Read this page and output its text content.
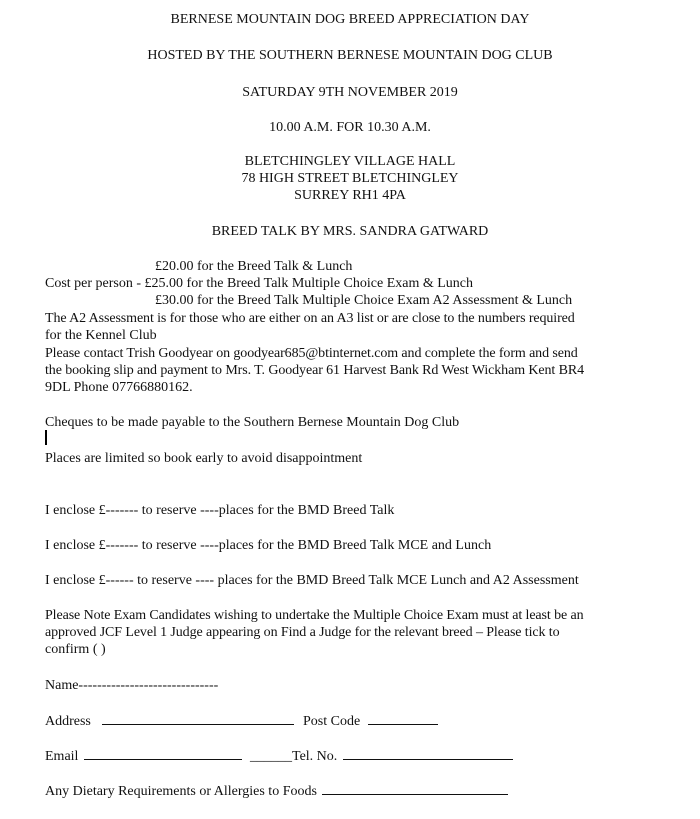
BERNESE MOUNTAIN DOG BREED APPRECIATION DAY
HOSTED BY THE SOUTHERN BERNESE MOUNTAIN DOG CLUB
SATURDAY 9TH NOVEMBER 2019
10.00 A.M. FOR 10.30 A.M.
BLETCHINGLEY VILLAGE HALL
78 HIGH STREET BLETCHINGLEY
SURREY RH1 4PA
BREED TALK BY MRS. SANDRA GATWARD
£20.00 for the Breed Talk & Lunch
Cost per person - £25.00 for the Breed Talk Multiple Choice Exam & Lunch
£30.00 for the Breed Talk Multiple Choice Exam A2 Assessment & Lunch
The A2 Assessment is for those who are either on an A3 list or are close to the numbers required
for the Kennel Club
Please contact Trish Goodyear on goodyear685@btinternet.com and complete the form and send
the booking slip and payment to Mrs. T. Goodyear 61 Harvest Bank Rd West Wickham Kent BR4
9DL Phone 07766880162.
Cheques to be made payable to the Southern Bernese Mountain Dog Club
Places are limited so book early to avoid disappointment
I enclose £------- to reserve ----places for the BMD Breed Talk
I enclose £------- to reserve ----places for the BMD Breed Talk MCE and Lunch
I enclose £------ to reserve ---- places for the BMD Breed Talk MCE Lunch and A2 Assessment
Please Note Exam Candidates wishing to undertake the Multiple Choice Exam must at least be an
approved JCF Level 1 Judge appearing on Find a Judge for the relevant breed – Please tick to
confirm ( )
Name------------------------------
Address	Post Code
Email	______Tel. No.
Any Dietary Requirements or Allergies to Foods
